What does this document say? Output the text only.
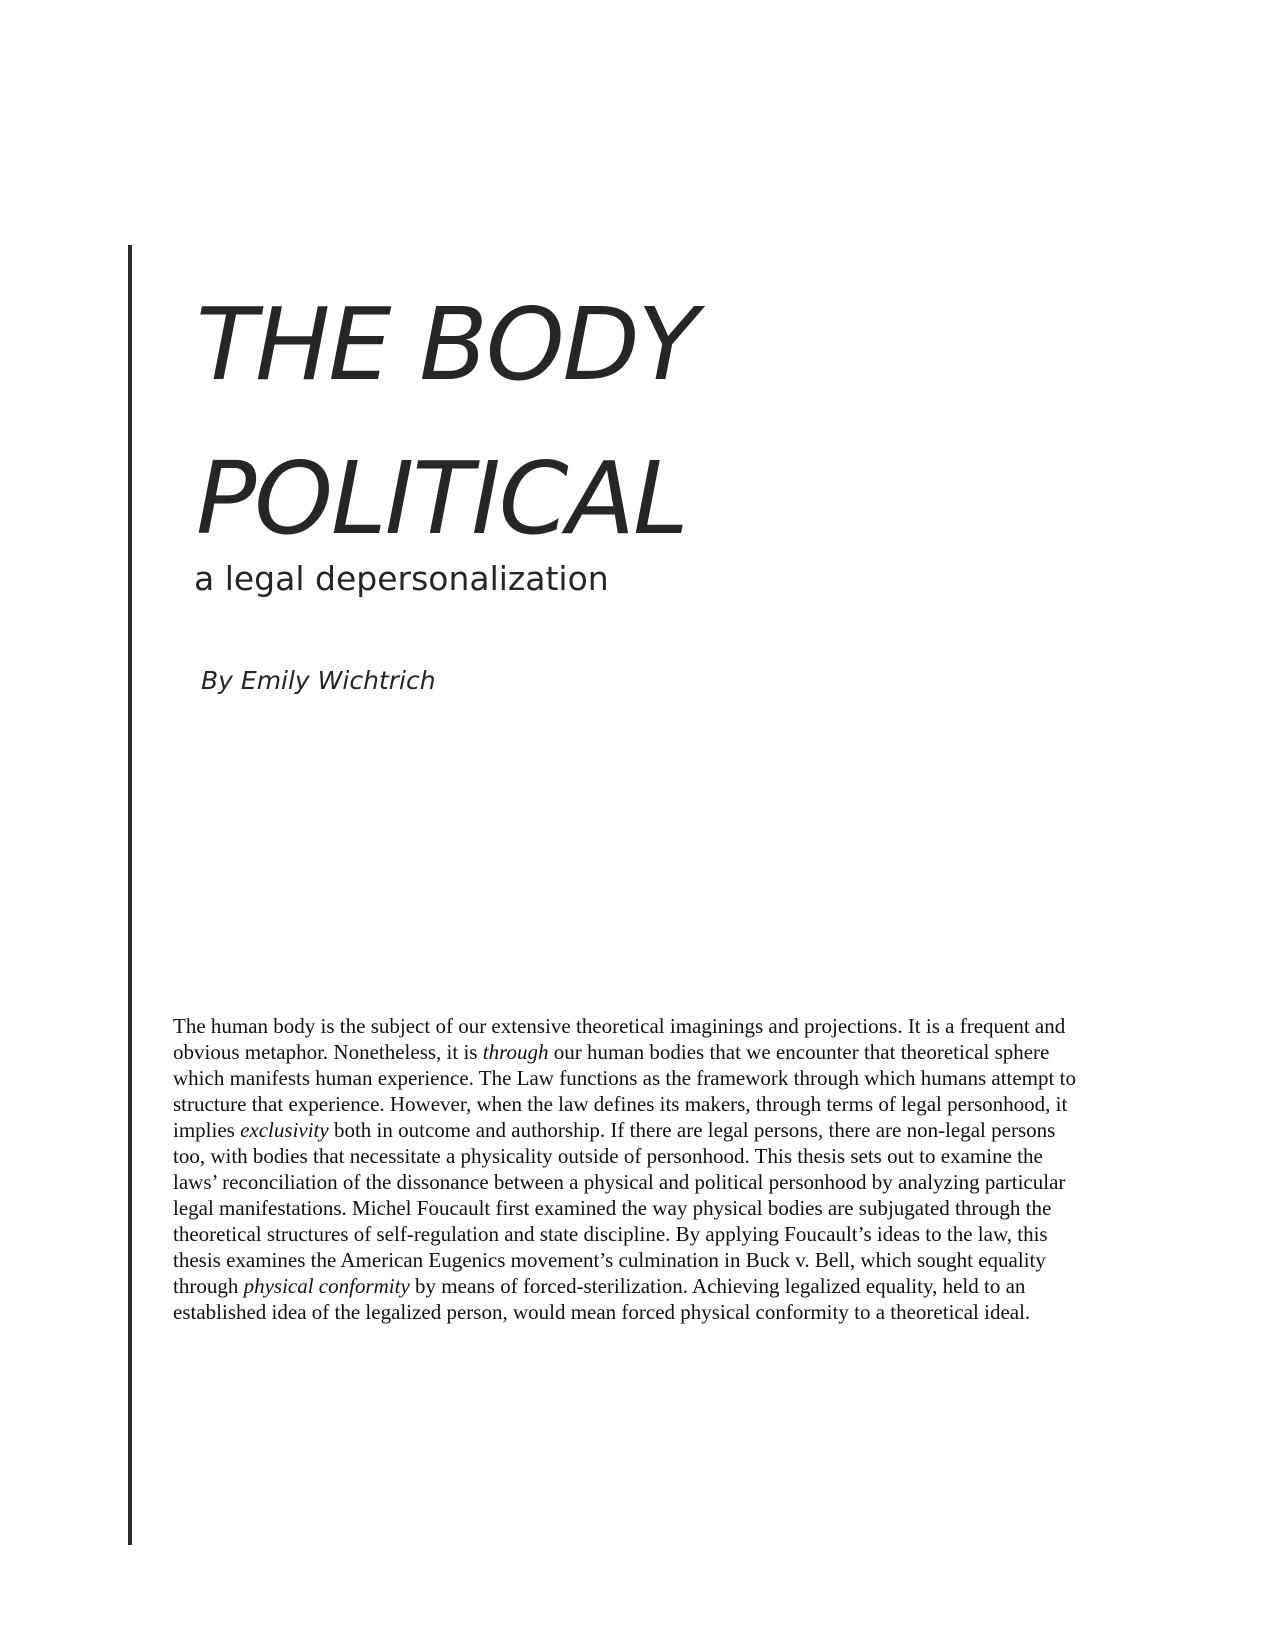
THE BODY
POLITICAL

a legal depersonalization

By Emily Wichtrich

The human body is the subject of our extensive theoretical imaginings and projections. It is a frequent and
obvious metaphor. Nonetheless, it is through our human bodies that we encounter that theoretical sphere
which manifests human experience. The Law functions as the framework through which humans attempt to
structure that experience. However, when the law defines its makers, through terms of legal personhood, it
implies exclusivity both in outcome and authorship. If there are legal persons, there are non-legal persons
too, with bodies that necessitate a physicality outside of personhood. This thesis sets out to examine the
laws’ reconciliation of the dissonance between a physical and political personhood by analyzing particular
legal manifestations. Michel Foucault first examined the way physical bodies are subjugated through the
theoretical structures of self-regulation and state discipline. By applying Foucault’s ideas to the law, this
thesis examines the American Eugenics movement’s culmination in Buck v. Bell, which sought equality
through physical conformity by means of forced-sterilization. Achieving legalized equality, held to an
established idea of the legalized person, would mean forced physical conformity to a theoretical ideal.
